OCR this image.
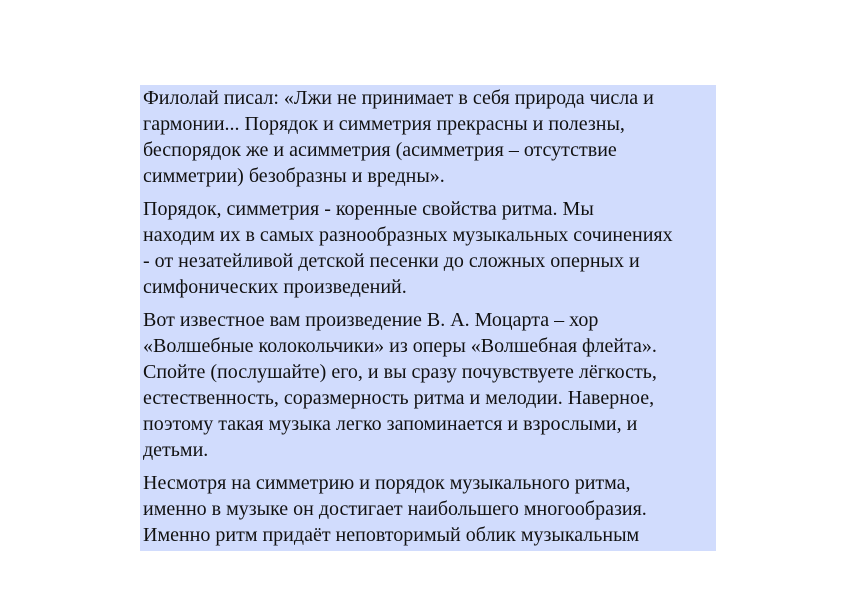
Филолай писал: «Лжи не принимает в себя природа числа и
гармонии... Порядок и симметрия прекрасны и полезны,
беспорядок же и асимметрия (асимметрия – отсутствие
симметрии) безобразны и вредны».

Порядок, симметрия - коренные свойства ритма. Мы
находим их в самых разнообразных музыкальных сочинениях
- от незатейливой детской песенки до сложных оперных и
симфонических произведений.

Вот известное вам произведение В. А. Моцарта – хор
«Волшебные колокольчики» из оперы «Волшебная флейта».
Спойте (послушайте) его, и вы сразу почувствуете лёгкость,
естественность, соразмерность ритма и мелодии. Наверное,
поэтому такая музыка легко запоминается и взрослыми, и
детьми.

Несмотря на симметрию и порядок музыкального ритма,
именно в музыке он достигает наибольшего многообразия.
Именно ритм придаёт неповторимый облик музыкальным
